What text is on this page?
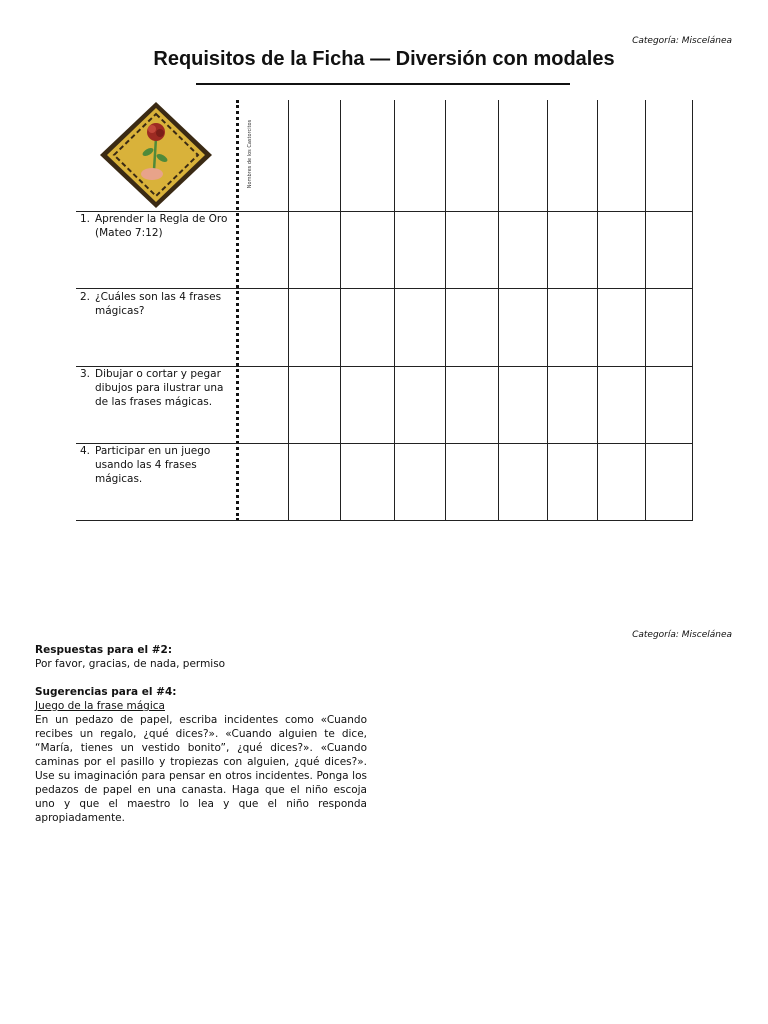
Categoría: Miscelánea
Requisitos de la Ficha — Diversión con modales
Nombres de los Castorcitos
1. Aprender la Regla de Oro (Mateo 7:12)
2. ¿Cuáles son las 4 frases mágicas?
3. Dibujar o cortar y pegar dibujos para ilustrar una de las frases mágicas.
4. Participar en un juego usando las 4 frases mágicas.
Categoría: Miscelánea
Respuestas para el #2:
Por favor, gracias, de nada, permiso
Sugerencias para el #4:
Juego de la frase mágica
En un pedazo de papel, escriba incidentes como «Cuando recibes un regalo, ¿qué dices?». «Cuando alguien te dice, “María, tienes un vestido bonito”, ¿qué dices?». «Cuando caminas por el pasillo y tropiezas con alguien, ¿qué dices?». Use su imaginación para pensar en otros incidentes. Ponga los pedazos de papel en una canasta. Haga que el niño escoja uno y que el maestro lo lea y que el niño responda apropiadamente.
